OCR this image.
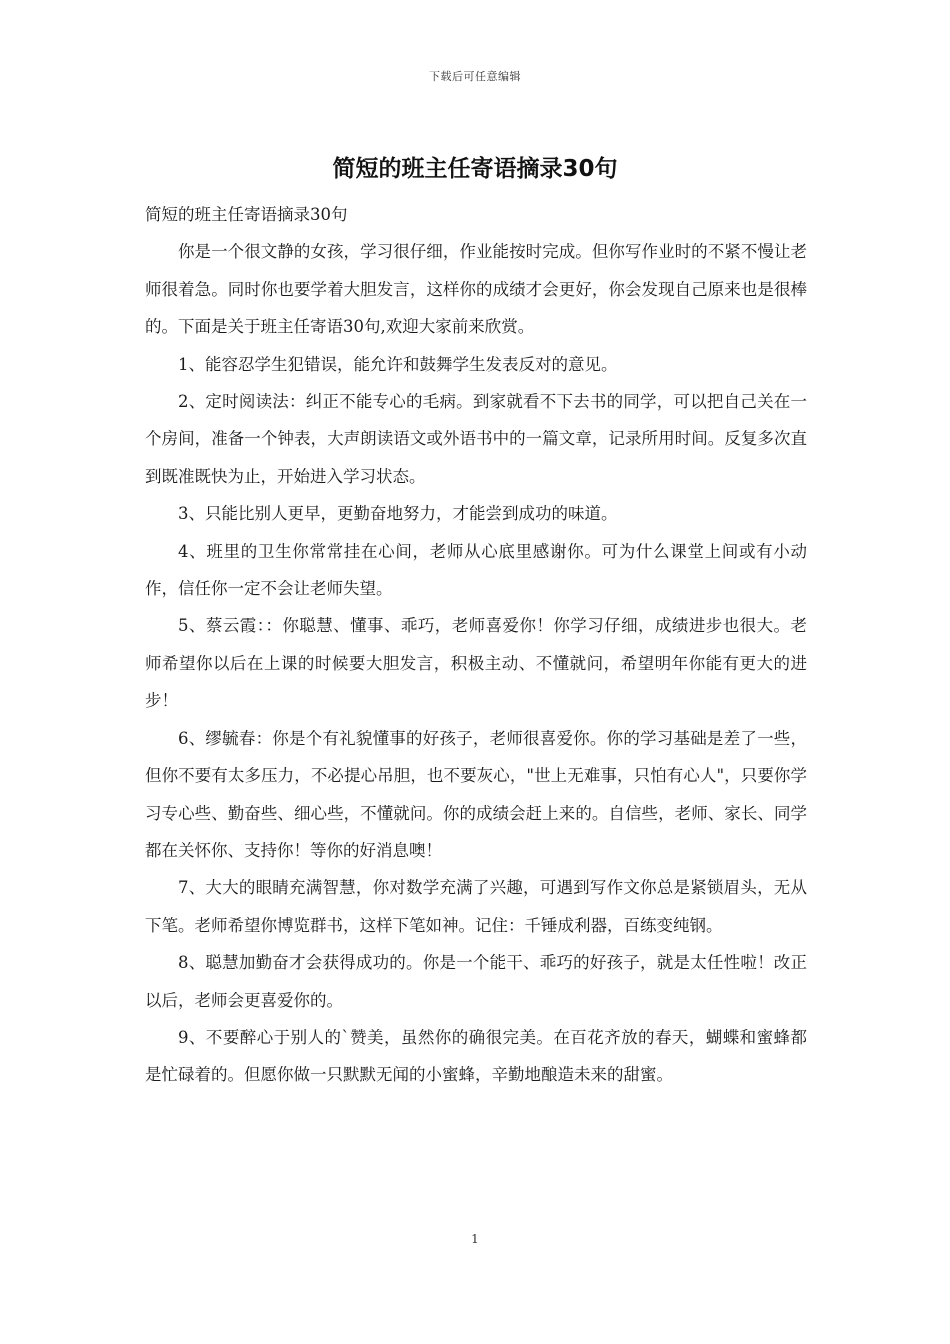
下载后可任意编辑
简短的班主任寄语摘录30句

简短的班主任寄语摘录30句

你是一个很文静的女孩，学习很仔细，作业能按时完成。但你写作业时的不紧不慢让老师很着急。同时你也要学着大胆发言，这样你的成绩才会更好，你会发现自己原来也是很棒的。下面是关于班主任寄语30句,欢迎大家前来欣赏。

1、能容忍学生犯错误，能允许和鼓舞学生发表反对的意见。

2、定时阅读法：纠正不能专心的毛病。到家就看不下去书的同学，可以把自己关在一个房间，准备一个钟表，大声朗读语文或外语书中的一篇文章，记录所用时间。反复多次直到既准既快为止，开始进入学习状态。

3、只能比别人更早，更勤奋地努力，才能尝到成功的味道。

4、班里的卫生你常常挂在心间，老师从心底里感谢你。可为什么课堂上间或有小动作，信任你一定不会让老师失望。

5、蔡云霞：：你聪慧、懂事、乖巧，老师喜爱你！你学习仔细，成绩进步也很大。老师希望你以后在上课的时候要大胆发言，积极主动、不懂就问，希望明年你能有更大的进步！

6、缪毓春：你是个有礼貌懂事的好孩子，老师很喜爱你。你的学习基础是差了一些，但你不要有太多压力，不必提心吊胆，也不要灰心，"世上无难事，只怕有心人"，只要你学习专心些、勤奋些、细心些，不懂就问。你的成绩会赶上来的。自信些，老师、家长、同学都在关怀你、支持你！等你的好消息噢！

7、大大的眼睛充满智慧，你对数学充满了兴趣，可遇到写作文你总是紧锁眉头，无从下笔。老师希望你博览群书，这样下笔如神。记住：千锤成利器，百练变纯钢。

8、聪慧加勤奋才会获得成功的。你是一个能干、乖巧的好孩子，就是太任性啦！改正以后，老师会更喜爱你的。

9、不要醉心于别人的`赞美，虽然你的确很完美。在百花齐放的春天，蝴蝶和蜜蜂都是忙碌着的。但愿你做一只默默无闻的小蜜蜂，辛勤地酿造未来的甜蜜。

1
